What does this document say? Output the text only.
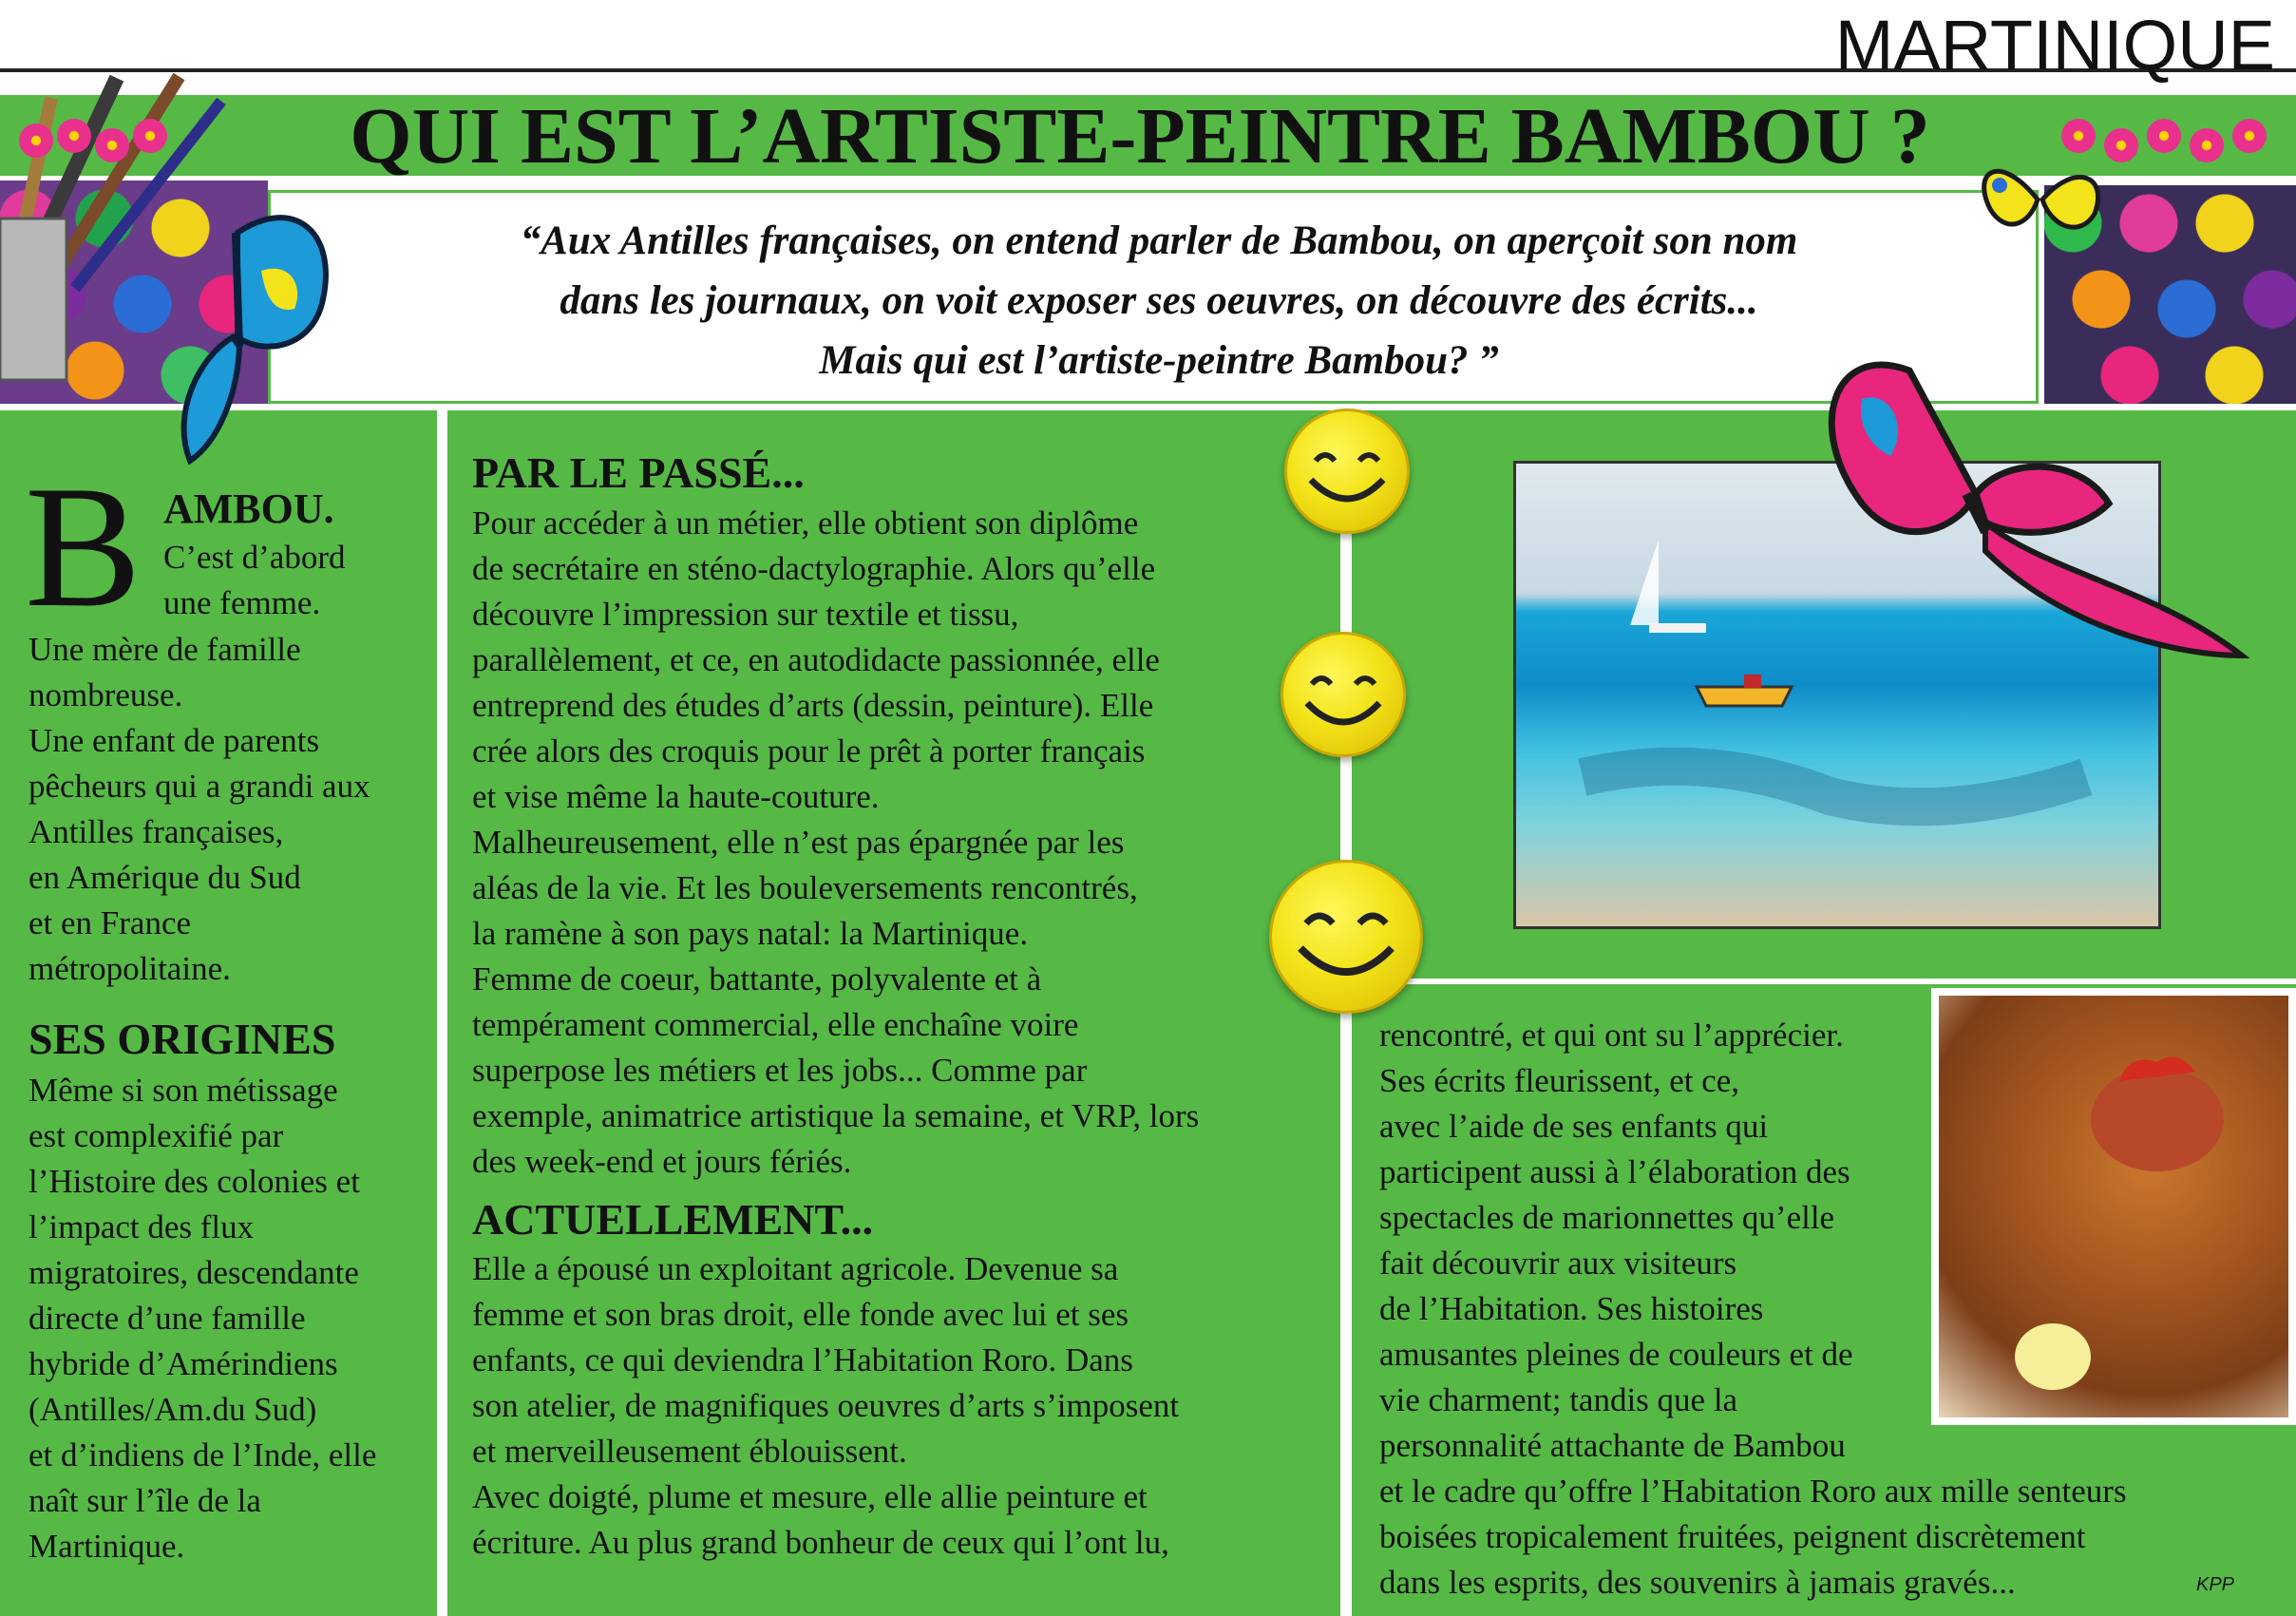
MARTINIQUE
QUI EST L’ARTISTE-PEINTRE BAMBOU ?
“Aux Antilles françaises, on entend parler de Bambou, on aperçoit son nom
dans les journaux, on voit exposer ses oeuvres, on découvre des écrits...
Mais qui est l’artiste-peintre Bambou? ”
B AMBOU.

C’est d’abord

une femme.

Une mère de famille

nombreuse.

Une enfant de parents

pêcheurs qui a grandi aux

Antilles françaises,

en Amérique du Sud

et en France

métropolitaine.

SES ORIGINES

Même si son métissage

est complexifié par

l’Histoire des colonies et

l’impact des flux

migratoires, descendante

directe d’une famille

hybride d’Amérindiens

(Antilles/Am.du Sud)

et d’indiens de l’Inde, elle

naît sur l’île de la

Martinique.

PAR LE PASSÉ...

Pour accéder à un métier, elle obtient son diplôme

de secrétaire en sténo-dactylographie. Alors qu’elle

découvre l’impression sur textile et tissu,

parallèlement, et ce, en autodidacte passionnée, elle

entreprend des études d’arts (dessin, peinture). Elle

crée alors des croquis pour le prêt à porter français

et vise même la haute-couture.

Malheureusement, elle n’est pas épargnée par les

aléas de la vie. Et les bouleversements rencontrés,

la ramène à son pays natal: la Martinique.

Femme de coeur, battante, polyvalente et à

tempérament commercial, elle enchaîne voire

superpose les métiers et les jobs... Comme par

exemple, animatrice artistique la semaine, et VRP, lors

des week-end et jours fériés.

ACTUELLEMENT...

Elle a épousé un exploitant agricole. Devenue sa

femme et son bras droit, elle fonde avec lui et ses

enfants, ce qui deviendra l’Habitation Roro. Dans

son atelier, de magnifiques oeuvres d’arts s’imposent

et merveilleusement éblouissent.

Avec doigté, plume et mesure, elle allie peinture et

écriture. Au plus grand bonheur de ceux qui l’ont lu,

rencontré, et qui ont su l’apprécier.

Ses écrits fleurissent, et ce,

avec l’aide de ses enfants qui

participent aussi à l’élaboration des

spectacles de marionnettes qu’elle

fait découvrir aux visiteurs

de l’Habitation. Ses histoires

amusantes pleines de couleurs et de

vie charment; tandis que la

personnalité attachante de Bambou

et le cadre qu’offre l’Habitation Roro aux mille senteurs

boisées tropicalement fruitées, peignent discrètement

dans les esprits, des souvenirs à jamais gravés...	KPP
